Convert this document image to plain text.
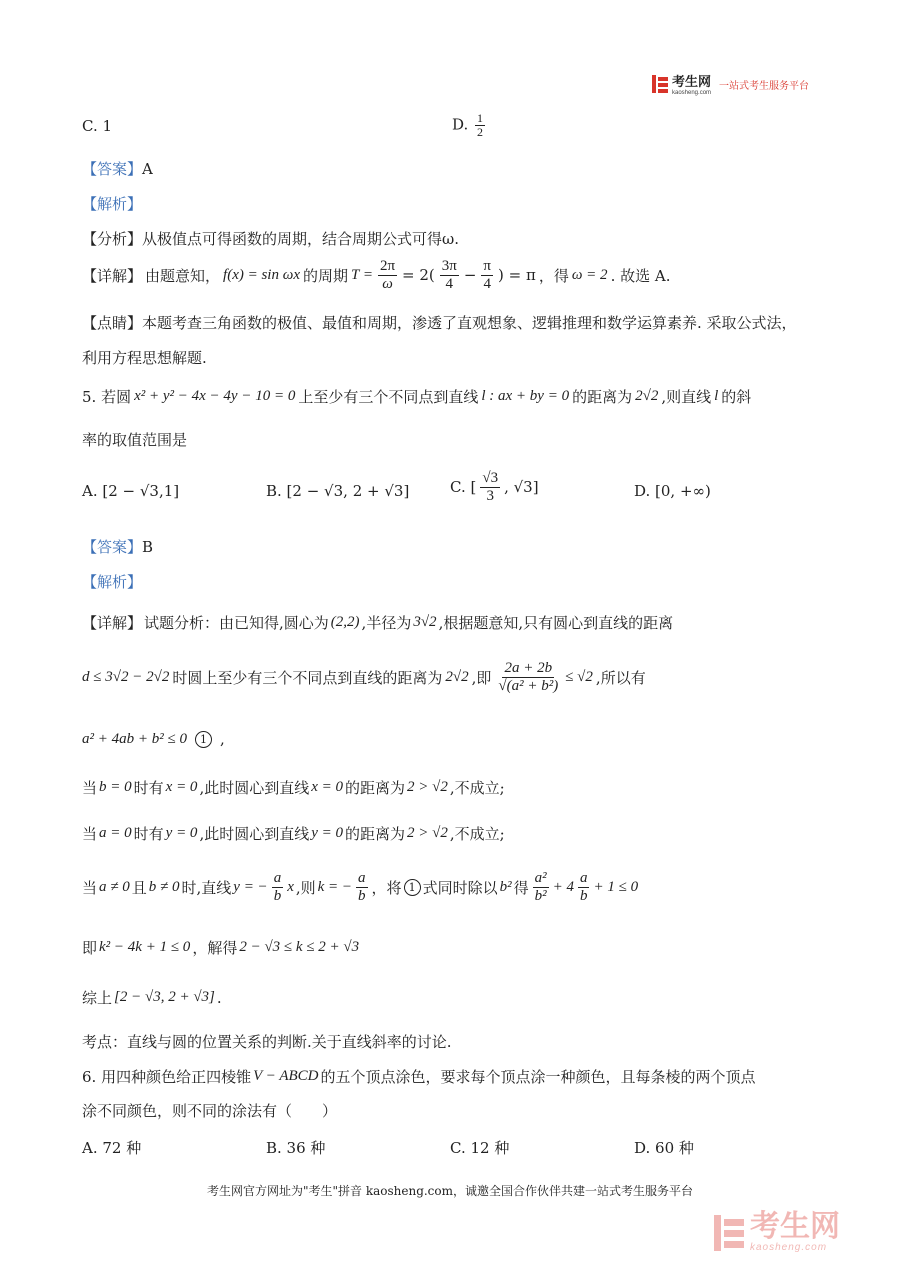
考生网
kaosheng.com
一站式考生服务平台
C. 1	D. $\frac{1}{2}$
【答案】A
【解析】
【分析】从极值点可得函数的周期，结合周期公式可得ω.
【详解】 由题意知， f(x) = sin ωx 的周期 $T = \frac{2\pi}{\omega} = 2( \frac{3\pi}{4} - \frac{\pi}{4}$ ) = π ，得 ω = 2 . 故选 A.
【点睛】本题考查三角函数的极值、最值和周期，渗透了直观想象、逻辑推理和数学运算素养. 采取公式法，
利用方程思想解题.
5. 若圆 x² + y² − 4x − 4y − 10 = 0 上至少有三个不同点到直线 l : ax + by = 0 的距离为 2√2 ,则直线 l 的斜
率的取值范围是
A. [2 − √3,1]	B. [2 − √3, 2 + √3]	C. [ $\frac{√3}{3}$ , √3]	D. [0, +∞)
【答案】B
【解析】
【详解】 试题分析：由已知得,圆心为 (2,2) ,半径为 3√2 ,根据题意知,只有圆心到直线的距离
d ≤ 3√2 − 2√2 时圆上至少有三个不同点到直线的距离为 2√2 ,即 $\frac{2a + 2b}{\text{√(a² + b²)}} \le √2$ ,所以有
a² + 4ab + b² ≤ 0	1 ,
当 b = 0 时有 x = 0 ,此时圆心到直线 x = 0 的距离为 2 > √2 ,不成立;
当 a = 0 时有 y = 0 ,此时圆心到直线 y = 0 的距离为 2 > √2 ,不成立;
当 a ≠ 0 且 b ≠ 0 时,直线 y = − $\frac{a}{b}$ x ,则 k = − $\frac{a}{b}$ ，将 1 式同时除以 b² 得 $\frac{\text{a²}}{\text{b²}} + 4 \frac{a}{b} + 1 \le 0$
即 k² − 4k + 1 ≤ 0 ，解得 2 − √3 ≤ k ≤ 2 + √3
综上 [2 − √3, 2 + √3] .
考点：直线与圆的位置关系的判断.关于直线斜率的讨论.
6. 用四种颜色给正四棱锥 V − ABCD 的五个顶点涂色，要求每个顶点涂一种颜色，且每条棱的两个顶点
涂不同颜色，则不同的涂法有（　　）
A. 72 种	B. 36 种	C. 12 种	D. 60 种
考生网官方网址为"考生"拼音 kaosheng.com，诚邀全国合作伙伴共建一站式考生服务平台
考生网
kaosheng.com
